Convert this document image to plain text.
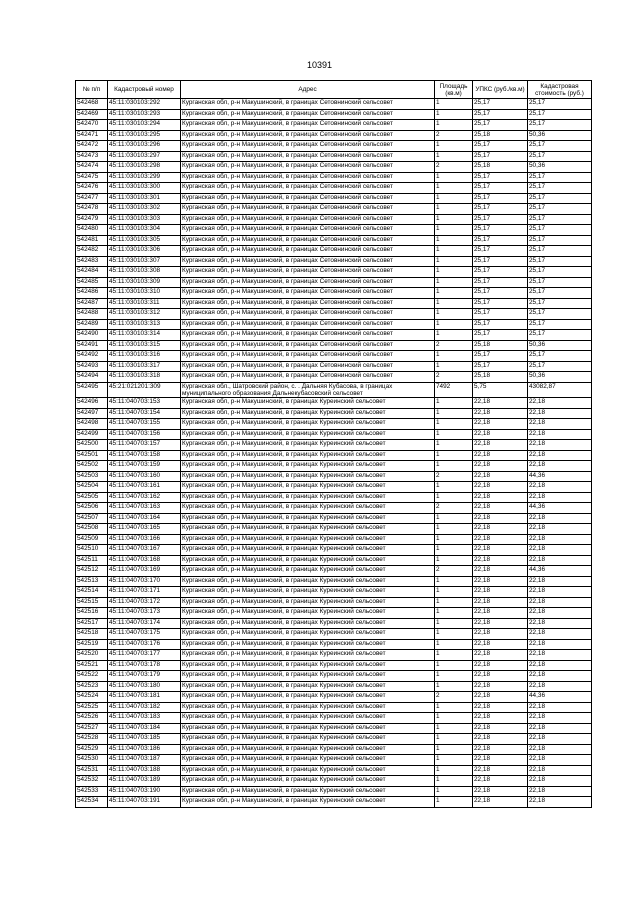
10391
№ п/п	Кадастровый номер	Адрес	Площадь (кв.м)	УПКС (руб./кв.м)	Кадастровая стоимость (руб.)
542468	45:11:030103:292	Курганская обл, р-н Макушинский, в границах Сетовнинский сельсовет	1	25,17	25,17
542469	45:11:030103:293	Курганская обл, р-н Макушинский, в границах Сетовнинский сельсовет	1	25,17	25,17
542470	45:11:030103:294	Курганская обл, р-н Макушинский, в границах Сетовнинский сельсовет	1	25,17	25,17
542471	45:11:030103:295	Курганская обл, р-н Макушинский, в границах Сетовнинский сельсовет	2	25,18	50,36
542472	45:11:030103:296	Курганская обл, р-н Макушинский, в границах Сетовнинский сельсовет	1	25,17	25,17
542473	45:11:030103:297	Курганская обл, р-н Макушинский, в границах Сетовнинский сельсовет	1	25,17	25,17
542474	45:11:030103:298	Курганская обл, р-н Макушинский, в границах Сетовнинский сельсовет	2	25,18	50,36
542475	45:11:030103:299	Курганская обл, р-н Макушинский, в границах Сетовнинский сельсовет	1	25,17	25,17
542476	45:11:030103:300	Курганская обл, р-н Макушинский, в границах Сетовнинский сельсовет	1	25,17	25,17
542477	45:11:030103:301	Курганская обл, р-н Макушинский, в границах Сетовнинский сельсовет	1	25,17	25,17
542478	45:11:030103:302	Курганская обл, р-н Макушинский, в границах Сетовнинский сельсовет	1	25,17	25,17
542479	45:11:030103:303	Курганская обл, р-н Макушинский, в границах Сетовнинский сельсовет	1	25,17	25,17
542480	45:11:030103:304	Курганская обл, р-н Макушинский, в границах Сетовнинский сельсовет	1	25,17	25,17
542481	45:11:030103:305	Курганская обл, р-н Макушинский, в границах Сетовнинский сельсовет	1	25,17	25,17
542482	45:11:030103:306	Курганская обл, р-н Макушинский, в границах Сетовнинский сельсовет	1	25,17	25,17
542483	45:11:030103:307	Курганская обл, р-н Макушинский, в границах Сетовнинский сельсовет	1	25,17	25,17
542484	45:11:030103:308	Курганская обл, р-н Макушинский, в границах Сетовнинский сельсовет	1	25,17	25,17
542485	45:11:030103:309	Курганская обл, р-н Макушинский, в границах Сетовнинский сельсовет	1	25,17	25,17
542486	45:11:030103:310	Курганская обл, р-н Макушинский, в границах Сетовнинский сельсовет	1	25,17	25,17
542487	45:11:030103:311	Курганская обл, р-н Макушинский, в границах Сетовнинский сельсовет	1	25,17	25,17
542488	45:11:030103:312	Курганская обл, р-н Макушинский, в границах Сетовнинский сельсовет	1	25,17	25,17
542489	45:11:030103:313	Курганская обл, р-н Макушинский, в границах Сетовнинский сельсовет	1	25,17	25,17
542490	45:11:030103:314	Курганская обл, р-н Макушинский, в границах Сетовнинский сельсовет	1	25,17	25,17
542491	45:11:030103:315	Курганская обл, р-н Макушинский, в границах Сетовнинский сельсовет	2	25,18	50,36
542492	45:11:030103:316	Курганская обл, р-н Макушинский, в границах Сетовнинский сельсовет	1	25,17	25,17
542493	45:11:030103:317	Курганская обл, р-н Макушинский, в границах Сетовнинский сельсовет	1	25,17	25,17
542494	45:11:030103:318	Курганская обл, р-н Макушинский, в границах Сетовнинский сельсовет	2	25,18	50,36
542495	45:21:021201:309	Курганская обл., Шатровский район, с. . Дальняя Кубасова, в границах муниципального образования Дальнекубасовский сельсовет	7492	5,75	43082,87
542496	45:11:040703:153	Курганская обл, р-н Макушинский, в границах Куреинский сельсовет	1	22,18	22,18
542497	45:11:040703:154	Курганская обл, р-н Макушинский, в границах Куреинский сельсовет	1	22,18	22,18
542498	45:11:040703:155	Курганская обл, р-н Макушинский, в границах Куреинский сельсовет	1	22,18	22,18
542499	45:11:040703:156	Курганская обл, р-н Макушинский, в границах Куреинский сельсовет	1	22,18	22,18
542500	45:11:040703:157	Курганская обл, р-н Макушинский, в границах Куреинский сельсовет	1	22,18	22,18
542501	45:11:040703:158	Курганская обл, р-н Макушинский, в границах Куреинский сельсовет	1	22,18	22,18
542502	45:11:040703:159	Курганская обл, р-н Макушинский, в границах Куреинский сельсовет	1	22,18	22,18
542503	45:11:040703:160	Курганская обл, р-н Макушинский, в границах Куреинский сельсовет	2	22,18	44,36
542504	45:11:040703:161	Курганская обл, р-н Макушинский, в границах Куреинский сельсовет	1	22,18	22,18
542505	45:11:040703:162	Курганская обл, р-н Макушинский, в границах Куреинский сельсовет	1	22,18	22,18
542506	45:11:040703:163	Курганская обл, р-н Макушинский, в границах Куреинский сельсовет	2	22,18	44,36
542507	45:11:040703:164	Курганская обл, р-н Макушинский, в границах Куреинский сельсовет	1	22,18	22,18
542508	45:11:040703:165	Курганская обл, р-н Макушинский, в границах Куреинский сельсовет	1	22,18	22,18
542509	45:11:040703:166	Курганская обл, р-н Макушинский, в границах Куреинский сельсовет	1	22,18	22,18
542510	45:11:040703:167	Курганская обл, р-н Макушинский, в границах Куреинский сельсовет	1	22,18	22,18
542511	45:11:040703:168	Курганская обл, р-н Макушинский, в границах Куреинский сельсовет	1	22,18	22,18
542512	45:11:040703:169	Курганская обл, р-н Макушинский, в границах Куреинский сельсовет	2	22,18	44,36
542513	45:11:040703:170	Курганская обл, р-н Макушинский, в границах Куреинский сельсовет	1	22,18	22,18
542514	45:11:040703:171	Курганская обл, р-н Макушинский, в границах Куреинский сельсовет	1	22,18	22,18
542515	45:11:040703:172	Курганская обл, р-н Макушинский, в границах Куреинский сельсовет	1	22,18	22,18
542516	45:11:040703:173	Курганская обл, р-н Макушинский, в границах Куреинский сельсовет	1	22,18	22,18
542517	45:11:040703:174	Курганская обл, р-н Макушинский, в границах Куреинский сельсовет	1	22,18	22,18
542518	45:11:040703:175	Курганская обл, р-н Макушинский, в границах Куреинский сельсовет	1	22,18	22,18
542519	45:11:040703:176	Курганская обл, р-н Макушинский, в границах Куреинский сельсовет	1	22,18	22,18
542520	45:11:040703:177	Курганская обл, р-н Макушинский, в границах Куреинский сельсовет	1	22,18	22,18
542521	45:11:040703:178	Курганская обл, р-н Макушинский, в границах Куреинский сельсовет	1	22,18	22,18
542522	45:11:040703:179	Курганская обл, р-н Макушинский, в границах Куреинский сельсовет	1	22,18	22,18
542523	45:11:040703:180	Курганская обл, р-н Макушинский, в границах Куреинский сельсовет	1	22,18	22,18
542524	45:11:040703:181	Курганская обл, р-н Макушинский, в границах Куреинский сельсовет	2	22,18	44,36
542525	45:11:040703:182	Курганская обл, р-н Макушинский, в границах Куреинский сельсовет	1	22,18	22,18
542526	45:11:040703:183	Курганская обл, р-н Макушинский, в границах Куреинский сельсовет	1	22,18	22,18
542527	45:11:040703:184	Курганская обл, р-н Макушинский, в границах Куреинский сельсовет	1	22,18	22,18
542528	45:11:040703:185	Курганская обл, р-н Макушинский, в границах Куреинский сельсовет	1	22,18	22,18
542529	45:11:040703:186	Курганская обл, р-н Макушинский, в границах Куреинский сельсовет	1	22,18	22,18
542530	45:11:040703:187	Курганская обл, р-н Макушинский, в границах Куреинский сельсовет	1	22,18	22,18
542531	45:11:040703:188	Курганская обл, р-н Макушинский, в границах Куреинский сельсовет	1	22,18	22,18
542532	45:11:040703:189	Курганская обл, р-н Макушинский, в границах Куреинский сельсовет	1	22,18	22,18
542533	45:11:040703:190	Курганская обл, р-н Макушинский, в границах Куреинский сельсовет	1	22,18	22,18
542534	45:11:040703:191	Курганская обл, р-н Макушинский, в границах Куреинский сельсовет	1	22,18	22,18
